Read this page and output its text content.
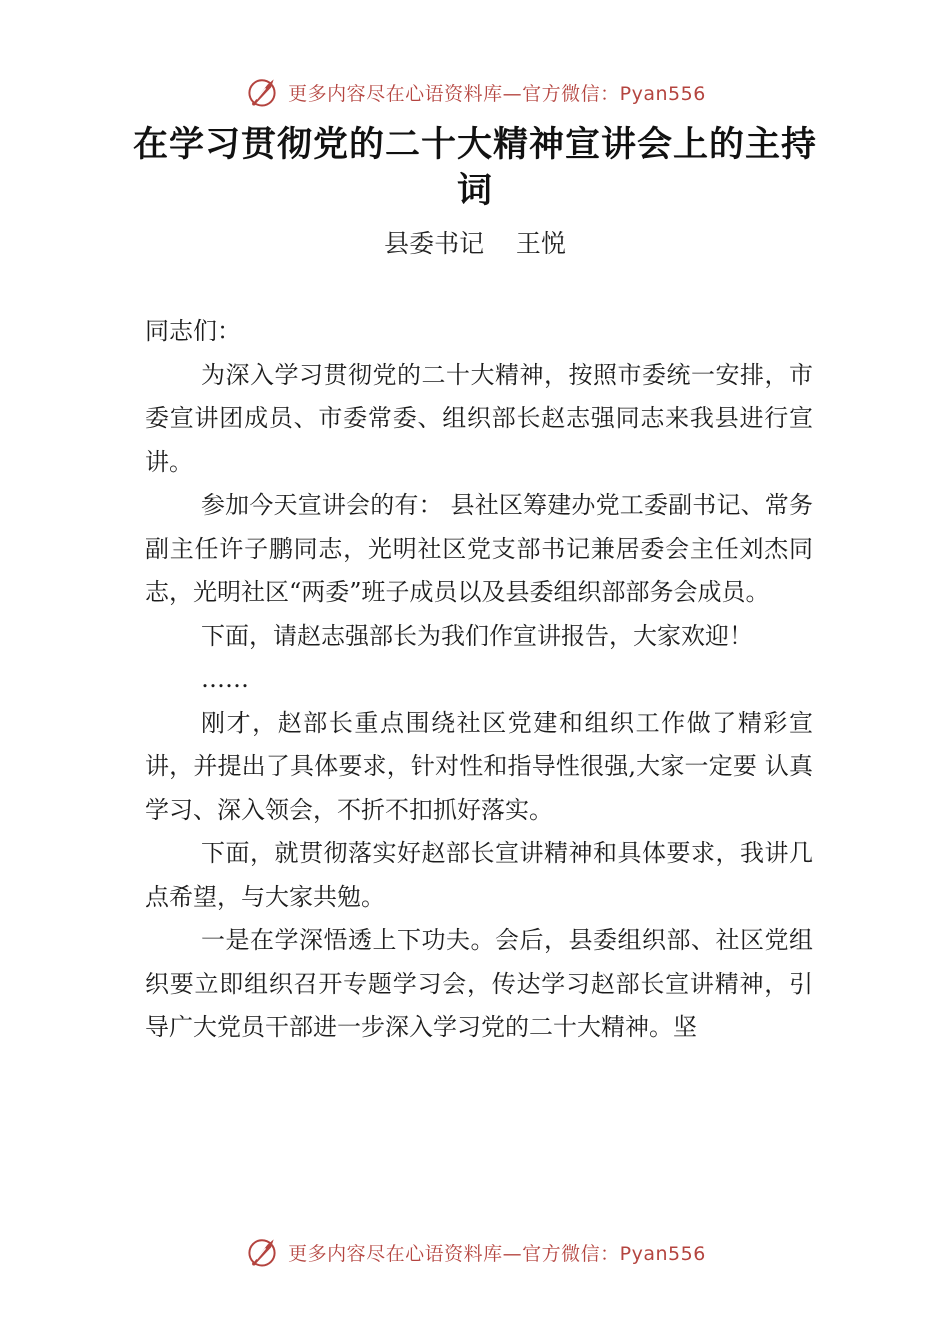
更多内容尽在心语资料库—官方微信：Pyan556
在学习贯彻党的二十大精神宣讲会上的主持词
县委书记    王悦

同志们：

为深入学习贯彻党的二十大精神，按照市委统一安排，市委宣讲团成员、市委常委、组织部长赵志强同志来我县进行宣讲。

参加今天宣讲会的有： 县社区筹建办党工委副书记、常务副主任许子鹏同志，光明社区党支部书记兼居委会主任刘杰同志，光明社区“两委”班子成员以及县委组织部部务会成员。

下面，请赵志强部长为我们作宣讲报告，大家欢迎！

……

刚才，赵部长重点围绕社区党建和组织工作做了精彩宣讲，并提出了具体要求，针对性和指导性很强,大家一定要 认真学习、深入领会，不折不扣抓好落实。

下面，就贯彻落实好赵部长宣讲精神和具体要求，我讲几点希望，与大家共勉。

一是在学深悟透上下功夫。会后，县委组织部、社区党组织要立即组织召开专题学习会，传达学习赵部长宣讲精神，引导广大党员干部进一步深入学习党的二十大精神。坚

更多内容尽在心语资料库—官方微信：Pyan556
